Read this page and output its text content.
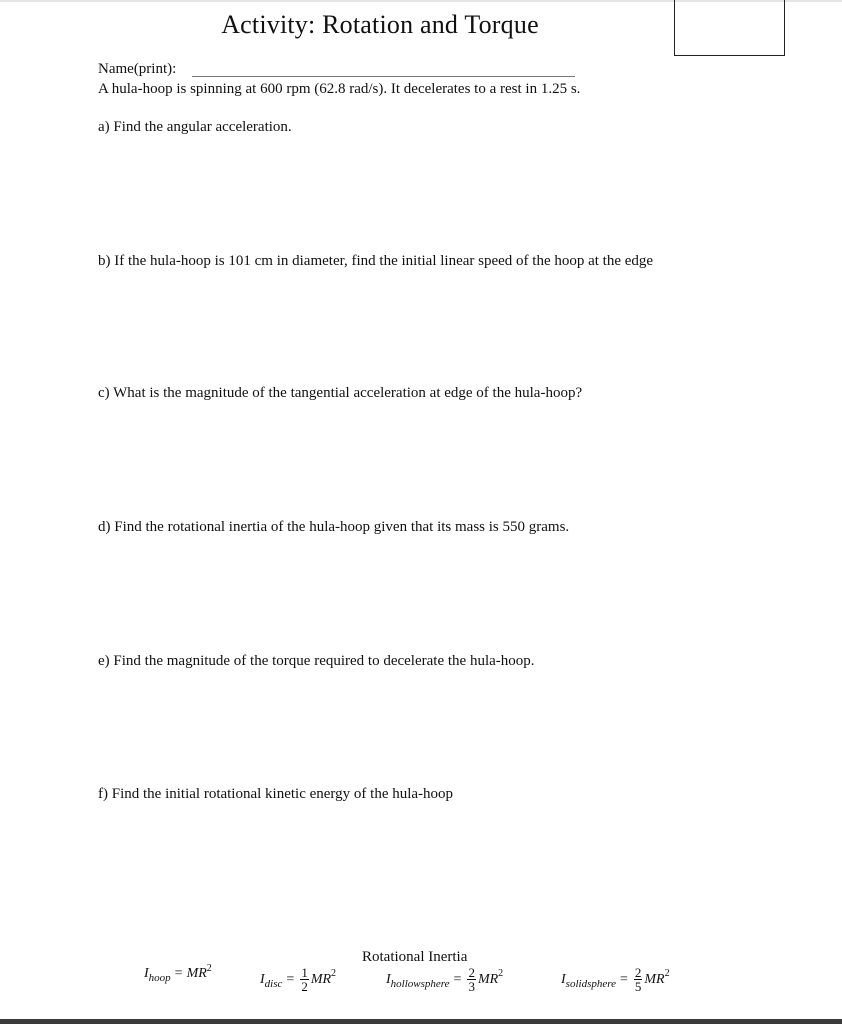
Activity: Rotation and Torque
Name(print):
A hula-hoop is spinning at 600 rpm (62.8 rad/s). It decelerates to a rest in 1.25 s.
a) Find the angular acceleration.
b) If the hula-hoop is 101 cm in diameter, find the initial linear speed of the hoop at the edge
c) What is the magnitude of the tangential acceleration at edge of the hula-hoop?
d) Find the rotational inertia of the hula-hoop given that its mass is 550 grams.
e) Find the magnitude of the torque required to decelerate the hula-hoop.
f) Find the initial rotational kinetic energy of the hula-hoop
Rotational Inertia
I hoop = MR 2
I disc = $\frac{1}{2}$ MR 2	I hollowsphere = $\frac{2}{3}$ MR 2	I solidsphere = $\frac{2}{5}$ MR 2
